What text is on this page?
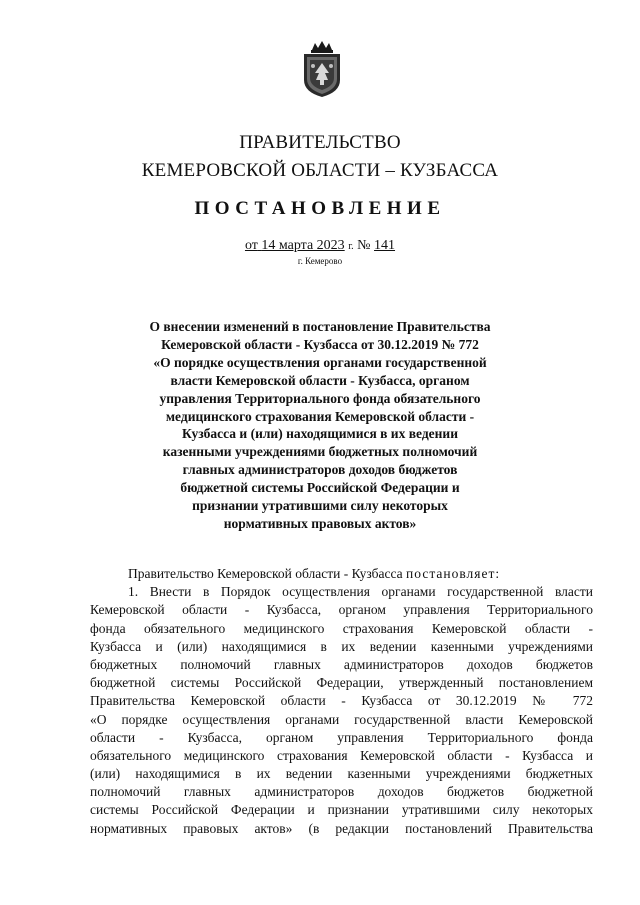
ПРАВИТЕЛЬСТВО
КЕМЕРОВСКОЙ ОБЛАСТИ – КУЗБАССА
ПОСТАНОВЛЕНИЕ
от 14 марта 2023 г. № 141
г. Кемерово
О внесении изменений в постановление Правительства
Кемеровской области - Кузбасса от 30.12.2019 № 772
«О порядке осуществления органами государственной
власти Кемеровской области - Кузбасса, органом
управления Территориального фонда обязательного
медицинского страхования Кемеровской области -
Кузбасса и (или) находящимися в их ведении
казенными учреждениями бюджетных полномочий
главных администраторов доходов бюджетов
бюджетной системы Российской Федерации и
признании утратившими силу некоторых
нормативных правовых актов»
Правительство Кемеровской области - Кузбасса постановляет:
1. Внести в Порядок осуществления органами государственной власти
Кемеровской области - Кузбасса, органом управления Территориального
фонда обязательного медицинского страхования Кемеровской области -
Кузбасса и (или) находящимися в их ведении казенными учреждениями
бюджетных полномочий главных администраторов доходов бюджетов
бюджетной системы Российской Федерации, утвержденный постановлением
Правительства Кемеровской области - Кузбасса от 30.12.2019 № 772
«О порядке осуществления органами государственной власти Кемеровской
области - Кузбасса, органом управления Территориального фонда
обязательного медицинского страхования Кемеровской области - Кузбасса и
(или) находящимися в их ведении казенными учреждениями бюджетных
полномочий главных администраторов доходов бюджетов бюджетной
системы Российской Федерации и признании утратившими силу некоторых
нормативных правовых актов» (в редакции постановлений Правительства
